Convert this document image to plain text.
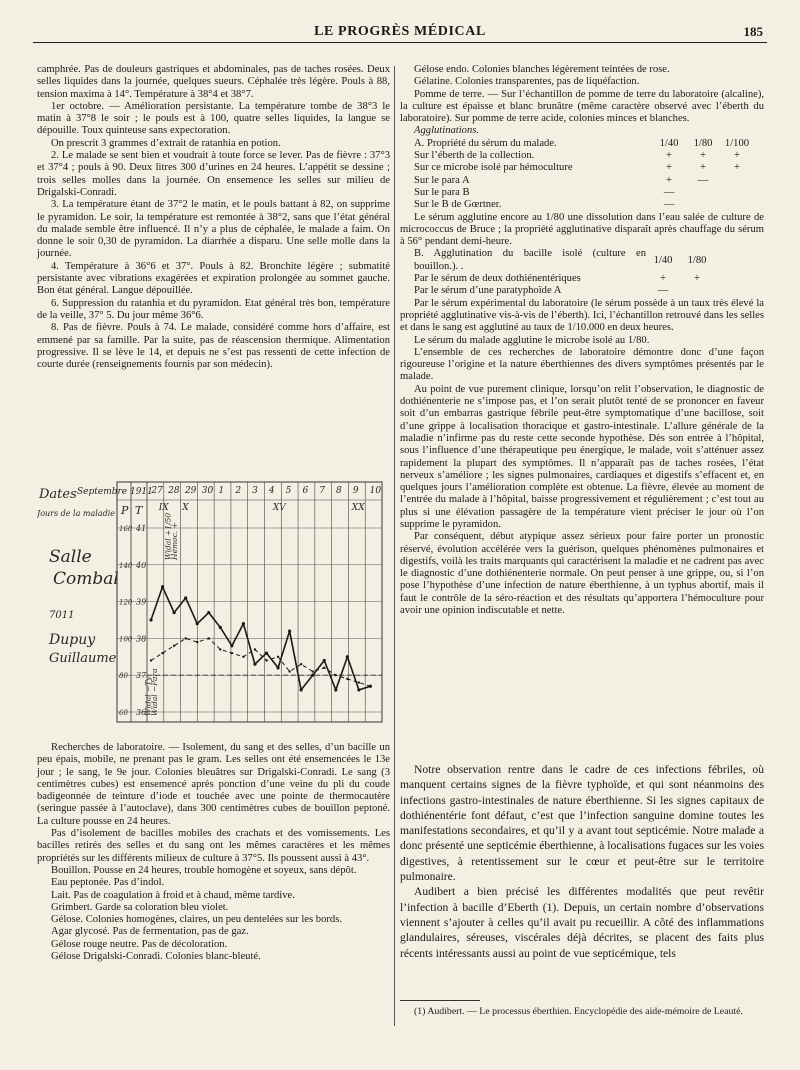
LE PROGRÈS MÉDICAL	185

camphrée. Pas de douleurs gastriques et abdominales, pas de taches rosées. Deux selles liquides dans la journée, quelques sueurs. Céphalée très légère. Pouls à 88, tension maxima à 14°. Température à 38°4 et 38°7.

1er octobre. — Amélioration persistante. La température tombe de 38°3 le matin à 37°8 le soir ; le pouls est à 100, quatre selles liquides, la langue se dépouille. Toux quinteuse sans expectoration.

On prescrit 3 grammes d’extrait de ratanhia en potion.

2. Le malade se sent bien et voudrait à toute force se lever. Pas de fièvre : 37°3 et 37°4 ; pouls à 90. Deux litres 300 d’urines en 24 heures. L’appétit se dessine ; trois selles molles dans la journée. On ensemence les selles sur milieu de Drigalski-Conradi.

3. La température étant de 37°2 le matin, et le pouls battant à 82, on supprime le pyramidon. Le soir, la température est remontée à 38°2, sans que l’état général du malade semble être influencé. Il n’y a plus de céphalée, le malade a faim. On donne le soir 0,30 de pyramidon. La diarrhée a disparu. Une selle molle dans la journée.

4. Température à 36°6 et 37°. Pouls à 82. Bronchite légère ; submatité persistante avec vibrations exagérées et expiration prolongée au sommet gauche. Bon état général. Langue dépouillée.

6. Suppression du ratanhia et du pyramidon. Etat général très bon, température de la veille, 37° 5. Du jour même 36°6.

8. Pas de fièvre. Pouls à 74. Le malade, considéré comme hors d’affaire, est emmené par sa famille. Par la suite, pas de réascension thermique. Alimentation progressive. Il se lève le 14, et depuis ne s’est pas ressenti de cette infection de courte durée (renseignements fournis par son médecin).

Dates Septembre 1911
Jours de la maladie
Salle
Combal
7011
Dupuy
Guillaume
27 28 29 30 1 2 3 4 5 6 7 8 9 10
P T
41
40
39
38
37
36
160
140
120
100
80
60
IX X	XV	XX
Widal +1/50
Hémoc. +
Widal −Ty
Widal −Para

Recherches de laboratoire. — Isolement, du sang et des selles, d’un bacille un peu épais, mobile, ne prenant pas le gram. Les selles ont été ensemencées le 13e jour ; le sang, le 9e jour. Colonies bleuâtres sur Drigalski-Conradi. Le sang (3 centimètres cubes) est ensemencé après ponction d’une veine du pli du coude badigeonnée de teinture d’iode et touchée avec une pointe de thermocautère (seringue passée à l’autoclave), dans 300 centimètres cubes de bouillon peptoné. La culture pousse en 24 heures.

Pas d’isolement de bacilles mobiles des crachats et des vomissements. Les bacilles retirés des selles et du sang ont les mêmes caractères et les mêmes propriétés sur les différents milieux de culture à 37°5. Ils poussent aussi à 43°.

Bouillon. Pousse en 24 heures, trouble homogène et soyeux, sans dépôt.

Eau peptonée. Pas d’indol.

Lait. Pas de coagulation à froid et à chaud, même tardive.

Grimbert. Garde sa coloration bleu violet.

Gélose. Colonies homogènes, claires, un peu dentelées sur les bords.

Agar glycosé. Pas de fermentation, pas de gaz.

Gélose rouge neutre. Pas de décoloration.

Gélose Drigalski-Conradi. Colonies blanc-bleuté.

Gélose endo. Colonies blanches légèrement teintées de rose.

Gélatine. Colonies transparentes, pas de liquéfaction.

Pomme de terre. — Sur l’échantillon de pomme de terre du laboratoire (alcaline), la culture est épaisse et blanc brunâtre (même caractère observé avec l’éberth du laboratoire). Sur pomme de terre acide, colonies minces et blanches.

Agglutinations.

A. Propriété du sérum du malade.	1/40	1/80	1/100
Sur l’éberth de la collection.	+	+	+
Sur ce microbe isolé par hémoculture	+	+	+
Sur le para A	+	—	
Sur le para B	—		
Sur le B de Gœrtner.	—		

Le sérum agglutine encore au 1/80 une dissolution dans l’eau salée de culture de micrococcus de Bruce ; la propriété agglutinative disparaît après chauffage du sérum à 56° pendant demi-heure.

B. Agglutination du bacille isolé (culture en bouillon.). .	1/40	1/80	
Par le sérum de deux dothiénentériques	+	+	
Par le sérum d’une paratyphoïde A	—		

Par le sérum expérimental du laboratoire (le sérum possède à un taux très élevé la propriété agglutinative vis-à-vis de l’éberth). Ici, l’échantillon retrouvé dans les selles et dans le sang est agglutiné au taux de 1/10.000 en deux heures.

Le sérum du malade agglutine le microbe isolé au 1/80.

L’ensemble de ces recherches de laboratoire démontre donc d’une façon rigoureuse l’origine et la nature éberthiennes des divers symptômes présentés par le malade.

Au point de vue purement clinique, lorsqu’on relit l’observation, le diagnostic de dothiénenterie ne s’impose pas, et l’on serait plutôt tenté de se prononcer en faveur soit d’un embarras gastrique fébrile peut-être symptomatique d’une bacillose, soit d’une grippe à localisation thoracique et gastro-intestinale. L’allure générale de la maladie n’infirme pas du reste cette seconde hypothèse. Dès son entrée à l’hôpital, sous l’influence d’une thérapeutique peu énergique, le malade, voit s’atténuer assez rapidement la plupart des symptômes. Il n’apparaît pas de taches rosées, l’état nerveux s’améliore ; les signes pulmonaires, cardiaques et digestifs s’effacent et, en quelques jours l’amélioration complète est obtenue. La fièvre, élevée au moment de l’entrée du malade à l’hôpital, baisse progressivement et régulièrement ; c’est tout au plus si une élévation passagère de la température vient préciser le jour où l’on supprime le pyramidon.

Par conséquent, début atypique assez sérieux pour faire porter un pronostic réservé, évolution accélérée vers la guérison, quelques phénomènes pulmonaires et digestifs, voilà les traits marquants qui caractérisent la maladie et ne cadrent pas avec le diagnostic d’une dothiénenterie normale. On peut penser à une grippe, ou, si l’on pose l’hypothèse d’une infection de nature éberthienne, à un typhus abortif, mais il faut le contrôle de la séro-réaction et des résultats qu’apportera l’hémoculture pour avoir une opinion indiscutable et nette.

Notre observation rentre dans le cadre de ces infections fébriles, où manquent certains signes de la fièvre typhoïde, et qui sont néanmoins des infections gastro-intestinales de nature éberthienne. Si les signes capitaux de dothiénentérie font défaut, c’est que l’infection sanguine domine toutes les manifestations secondaires, et qu’il y a avant tout septicémie. Notre malade a donc présenté une septicémie éberthienne, à localisations fugaces sur les voies digestives, à retentissement sur le cœur et peut-être sur le territoire pulmonaire.

Audibert a bien précisé les différentes modalités que peut revêtir l’infection à bacille d’Eberth (1). Depuis, un certain nombre d’observations viennent s’ajouter à celles qu’il avait pu recueillir. A côté des inflammations glandulaires, séreuses, viscérales déjà décrites, se placent des faits plus récents intéressants aussi au point de vue septicémique, tels

(1) Audibert. — Le processus éberthien. Encyclopédie des aide-mémoire de Leauté.
